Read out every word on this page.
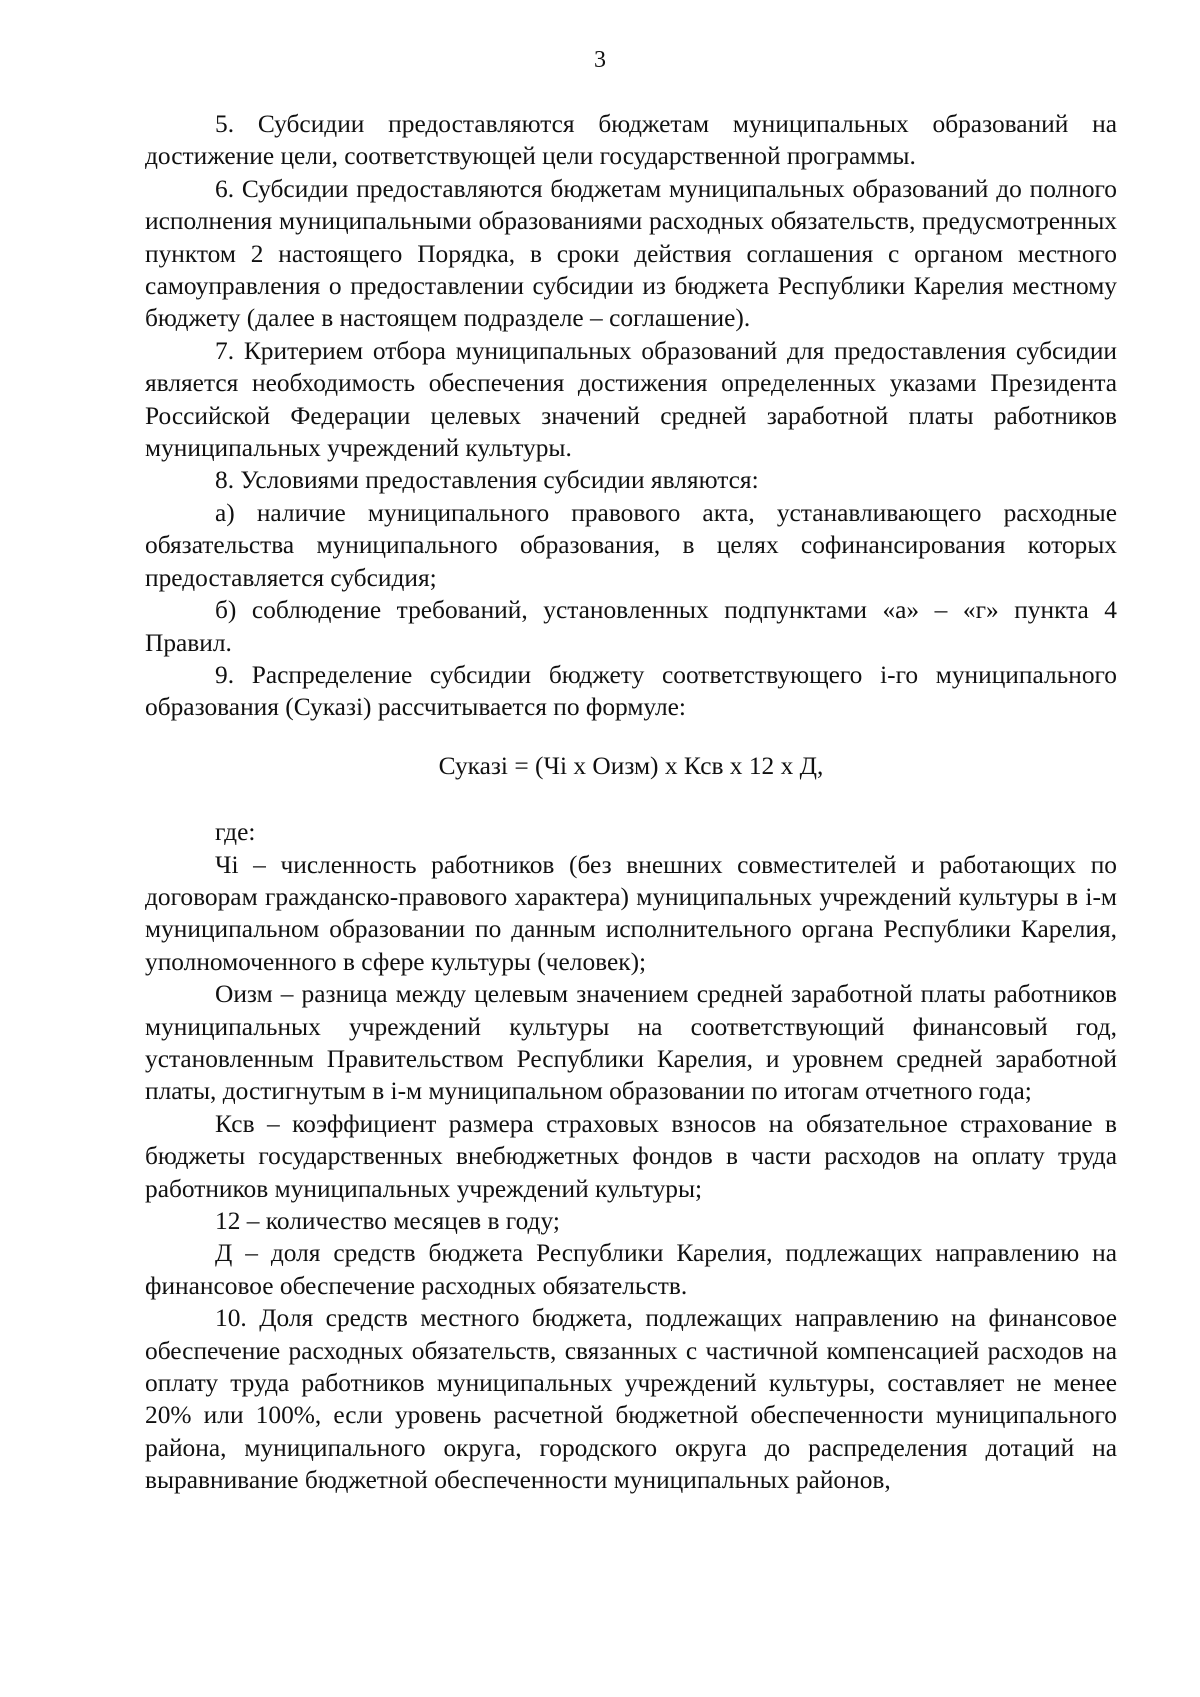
3

5. Субсидии предоставляются бюджетам муниципальных образований на достижение цели, соответствующей цели государственной программы.

6. Субсидии предоставляются бюджетам муниципальных образований до полного исполнения муниципальными образованиями расходных обязательств, предусмотренных пунктом 2 настоящего Порядка, в сроки действия соглашения с органом местного самоуправления о предоставлении субсидии из бюджета Республики Карелия местному бюджету (далее в настоящем подразделе – соглашение).

7. Критерием отбора муниципальных образований для предоставления субсидии является необходимость обеспечения достижения определенных указами Президента Российской Федерации целевых значений средней заработной платы работников муниципальных учреждений культуры.

8. Условиями предоставления субсидии являются:

а) наличие муниципального правового акта, устанавливающего расходные обязательства муниципального образования, в целях софинансирования которых предоставляется субсидия;

б) соблюдение требований, установленных подпунктами «а» – «г» пункта 4 Правил.

9. Распределение субсидии бюджету соответствующего i-го муниципального образования (Суказi) рассчитывается по формуле:

Суказi = (Чi х Оизм) х Ксв х 12 х Д,

где:

Чi – численность работников (без внешних совместителей и работающих по договорам гражданско-правового характера) муниципальных учреждений культуры в i-м муниципальном образовании по данным исполнительного органа Республики Карелия, уполномоченного в сфере культуры (человек);

Оизм – разница между целевым значением средней заработной платы работников муниципальных учреждений культуры на соответствующий финансовый год, установленным Правительством Республики Карелия, и уровнем средней заработной платы, достигнутым в i-м муниципальном образовании по итогам отчетного года;

Ксв – коэффициент размера страховых взносов на обязательное страхование в бюджеты государственных внебюджетных фондов в части расходов на оплату труда работников муниципальных учреждений культуры;

12 – количество месяцев в году;

Д – доля средств бюджета Республики Карелия, подлежащих направлению на финансовое обеспечение расходных обязательств.

10. Доля средств местного бюджета, подлежащих направлению на финансовое обеспечение расходных обязательств, связанных с частичной компенсацией расходов на оплату труда работников муниципальных учреждений культуры, составляет не менее 20% или 100%, если уровень расчетной бюджетной обеспеченности муниципального района, муниципального округа, городского округа до распределения дотаций на выравнивание бюджетной обеспеченности муниципальных районов,
